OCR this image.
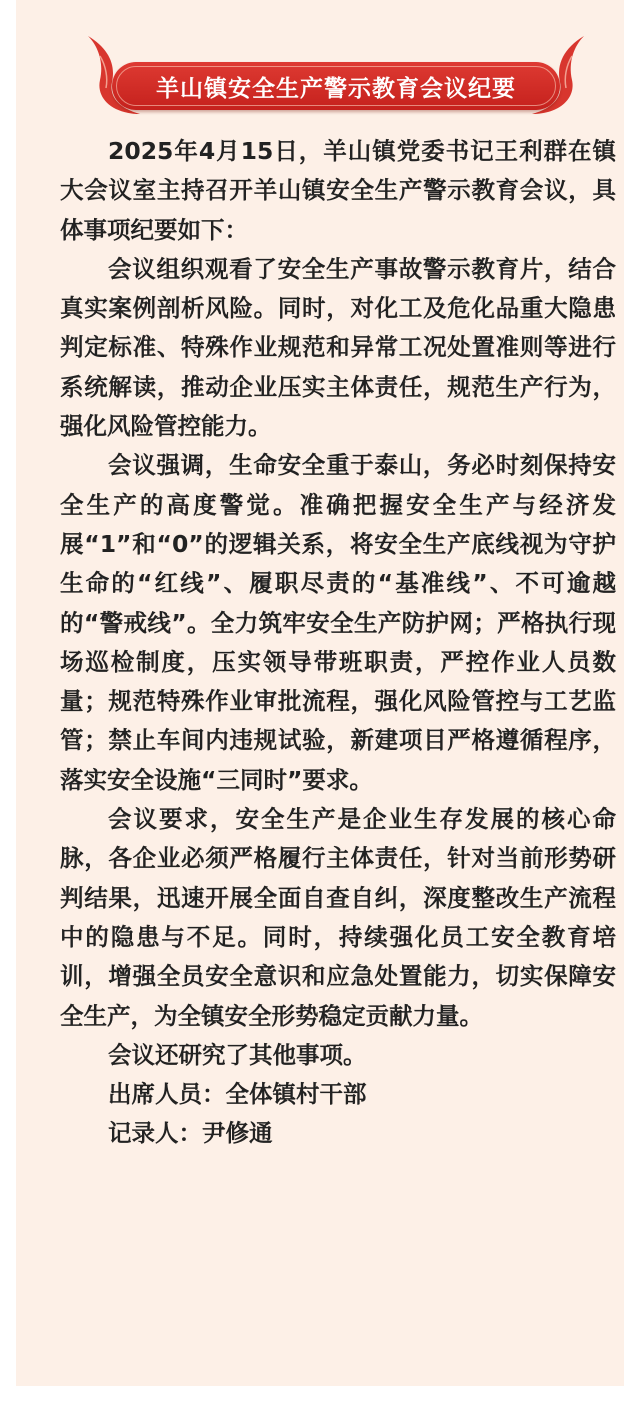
羊山镇安全生产警示教育会议纪要

2025年4月15日，羊山镇党委书记王利群在镇大会议室主持召开羊山镇安全生产警示教育会议，具体事项纪要如下：

会议组织观看了安全生产事故警示教育片，结合真实案例剖析风险。同时，对化工及危化品重大隐患判定标准、特殊作业规范和异常工况处置准则等进行系统解读，推动企业压实主体责任，规范生产行为，强化风险管控能力。

会议强调，生命安全重于泰山，务必时刻保持安全生产的高度警觉。准确把握安全生产与经济发展“1”和“0”的逻辑关系，将安全生产底线视为守护生命的“红线”、履职尽责的“基准线”、不可逾越的“警戒线”。全力筑牢安全生产防护网；严格执行现场巡检制度，压实领导带班职责，严控作业人员数量；规范特殊作业审批流程，强化风险管控与工艺监管；禁止车间内违规试验，新建项目严格遵循程序，落实安全设施“三同时”要求。

会议要求，安全生产是企业生存发展的核心命脉，各企业必须严格履行主体责任，针对当前形势研判结果，迅速开展全面自查自纠，深度整改生产流程中的隐患与不足。同时，持续强化员工安全教育培训，增强全员安全意识和应急处置能力，切实保障安全生产，为全镇安全形势稳定贡献力量。

会议还研究了其他事项。

出席人员：全体镇村干部

记录人：尹修通
